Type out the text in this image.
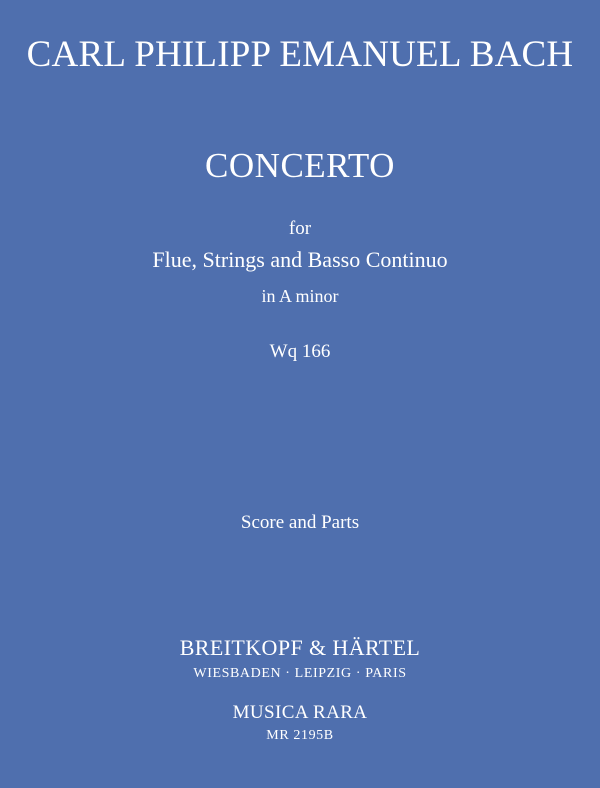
CARL PHILIPP EMANUEL BACH
CONCERTO
for
Flue, Strings and Basso Continuo
in A minor
Wq 166
Score and Parts
BREITKOPF & HÄRTEL
WIESBADEN · LEIPZIG · PARIS
MUSICA RARA
MR 2195B
